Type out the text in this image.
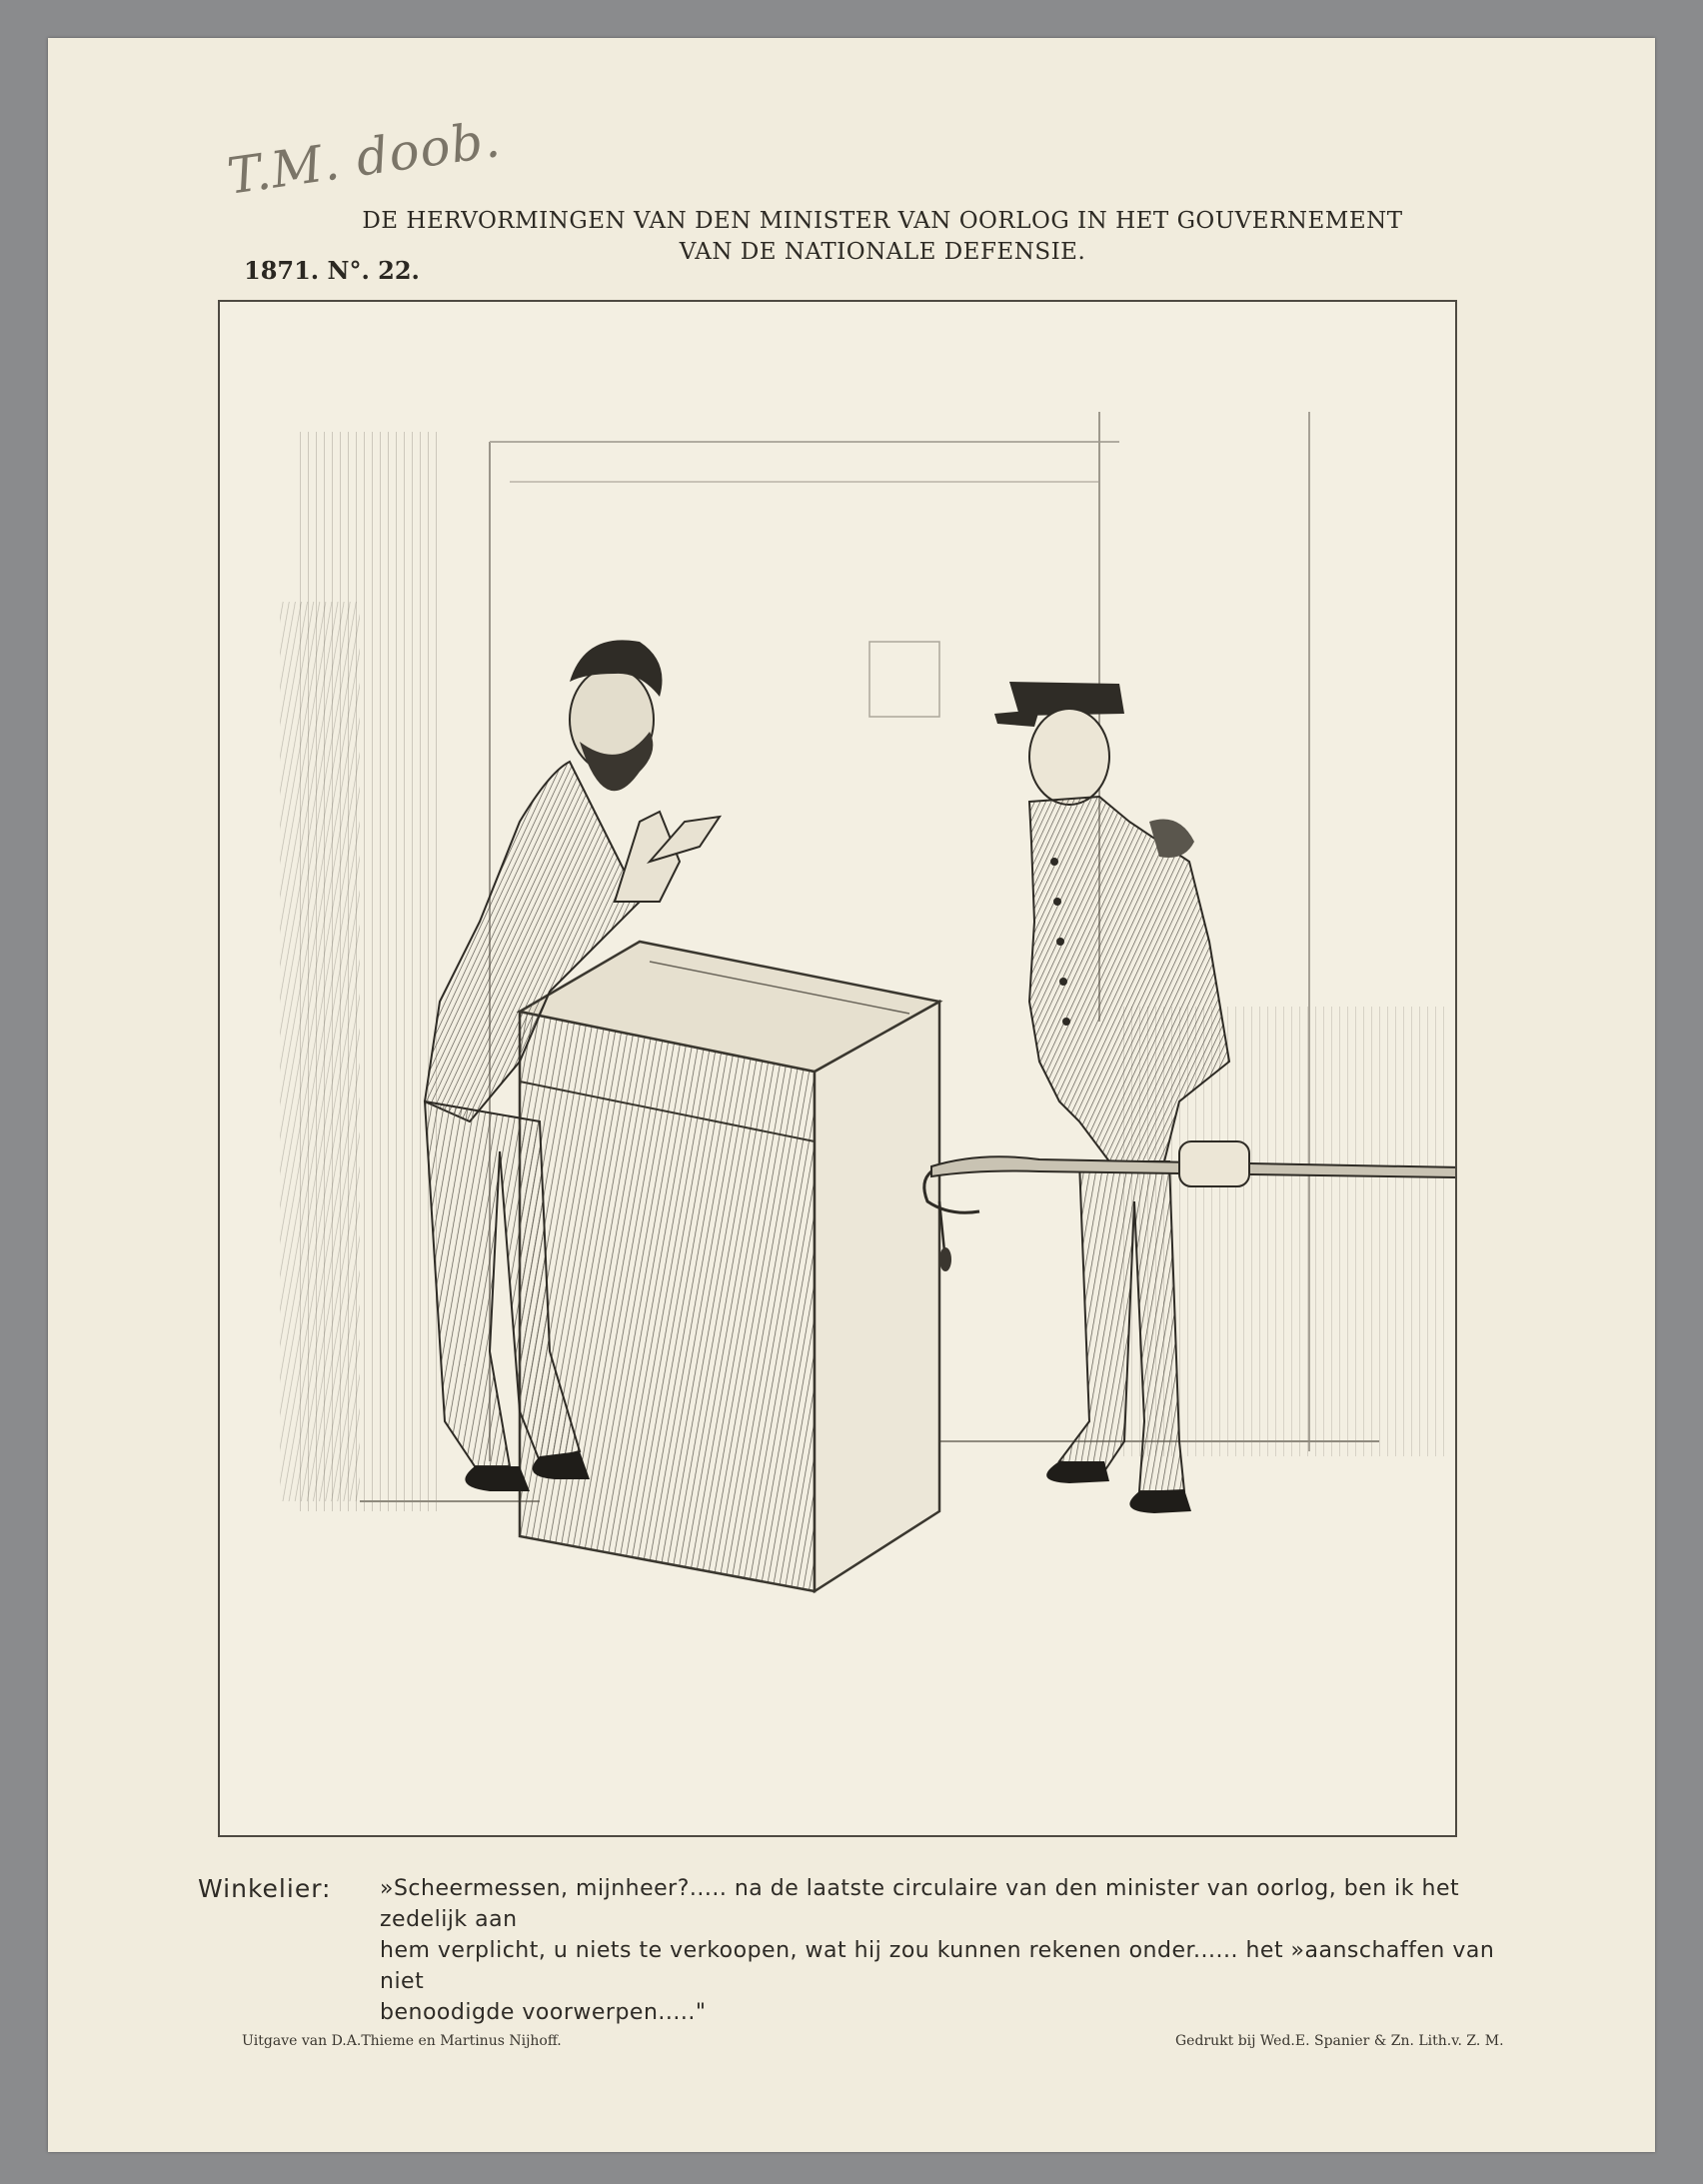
T.M. doob.
DE HERVORMINGEN VAN DEN MINISTER VAN OORLOG IN HET GOUVERNEMENT
VAN DE NATIONALE DEFENSIE.
1871. N°. 22.
Winkelier: »Scheermessen, mijnheer?..... na de laatste circulaire van den minister van oorlog, ben ik het zedelijk aan
hem verplicht, u niets te verkoopen, wat hij zou kunnen rekenen onder...... het »aanschaffen van niet
benoodigde voorwerpen....."
Uitgave van D.A.Thieme en Martinus Nijhoff.	Gedrukt bij Wed.E. Spanier & Zn. Lith.v. Z. M.
